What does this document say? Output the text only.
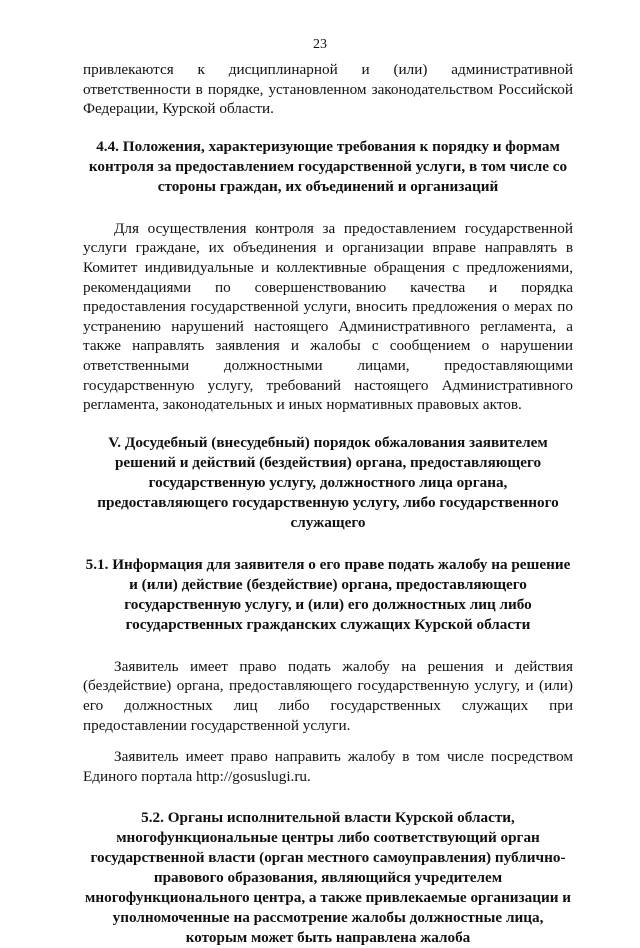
23

привлекаются к дисциплинарной и (или) административной ответственности в порядке, установленном законодательством Российской Федерации, Курской области.

4.4. Положения, характеризующие требования к порядку и формам контроля за предоставлением государственной услуги, в том числе со стороны граждан, их объединений и организаций

Для осуществления контроля за предоставлением государственной услуги граждане, их объединения и организации вправе направлять в Комитет индивидуальные и коллективные обращения с предложениями, рекомендациями по совершенствованию качества и порядка предоставления государственной услуги, вносить предложения о мерах по устранению нарушений настоящего Административного регламента, а также направлять заявления и жалобы с сообщением о нарушении ответственными должностными лицами, предоставляющими государственную услугу, требований настоящего Административного регламента, законодательных и иных нормативных правовых актов.

V. Досудебный (внесудебный) порядок обжалования заявителем решений и действий (бездействия) органа, предоставляющего государственную услугу, должностного лица органа, предоставляющего государственную услугу, либо государственного служащего

5.1. Информация для заявителя о его праве подать жалобу на решение и (или) действие (бездействие) органа, предоставляющего государственную услугу, и (или) его должностных лиц либо государственных гражданских служащих Курской области

Заявитель имеет право подать жалобу на решения и действия (бездействие) органа, предоставляющего государственную услугу, и (или) его должностных лиц либо государственных служащих при предоставлении государственной услуги.

Заявитель имеет право направить жалобу в том числе посредством Единого портала http://gosuslugi.ru.

5.2. Органы исполнительной власти Курской области, многофункциональные центры либо соответствующий орган государственной власти (орган местного самоуправления) публично-правового образования, являющийся учредителем многофункционального центра, а также привлекаемые организации и уполномоченные на рассмотрение жалобы должностные лица, которым может быть направлена жалоба
